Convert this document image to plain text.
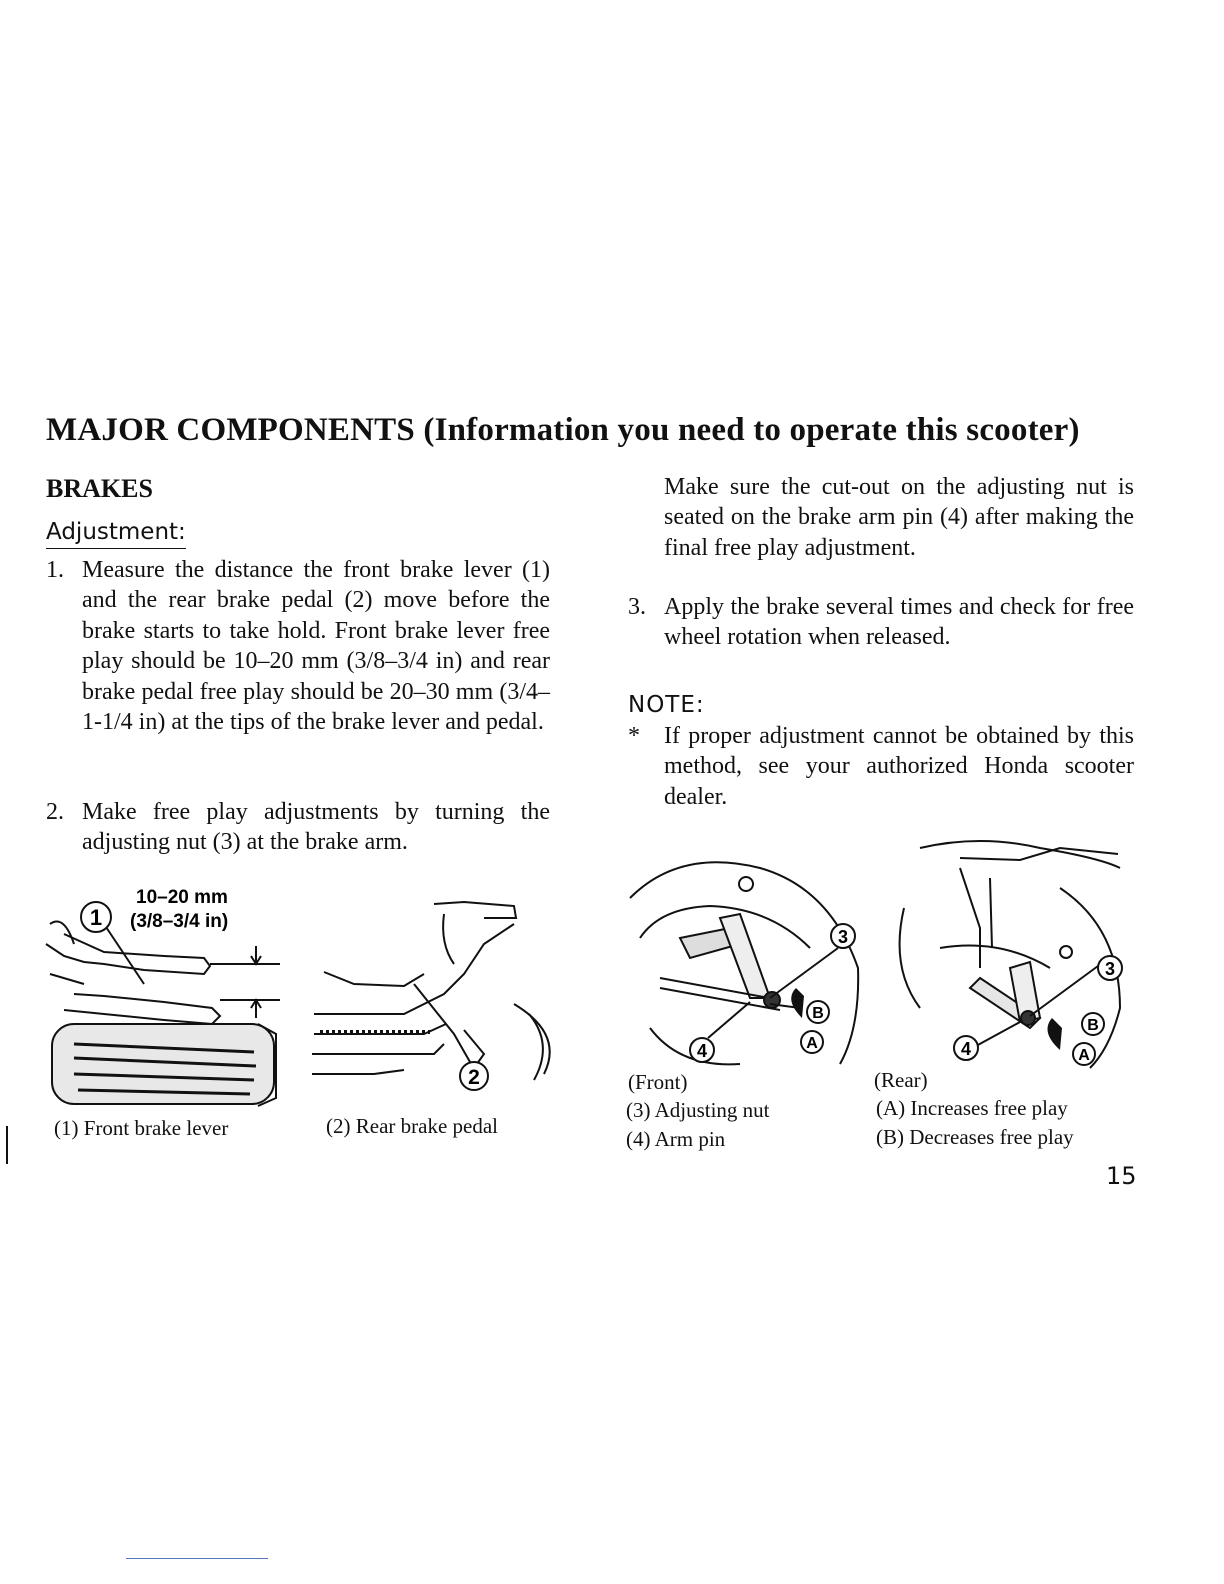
MAJOR COMPONENTS (Information you need to operate this scooter)
BRAKES
Adjustment:
1. Measure the distance the front brake lever (1) and the rear brake pedal (2) move before the brake starts to take hold. Front brake lever free play should be 10–20 mm (3/8–3/4 in) and rear brake pedal free play should be 20–30 mm (3/4–1-1/4 in) at the tips of the brake lever and pedal.
2. Make free play adjustments by turning the adjusting nut (3) at the brake arm.
Make sure the cut-out on the adjusting nut is seated on the brake arm pin (4) after making the final free play adjustment.
3. Apply the brake several times and check for free wheel rotation when released.
NOTE:
* If proper adjustment cannot be obtained by this method, see your authorized Honda scooter dealer.
1
10–20 mm
(3/8–3/4 in)
2
(1) Front brake lever	(2) Rear brake pedal
3
4
B
A
3
4
B
A
(Front)	(Rear)
(3) Adjusting nut
(4) Arm pin
(A) Increases free play
(B) Decreases free play
15
